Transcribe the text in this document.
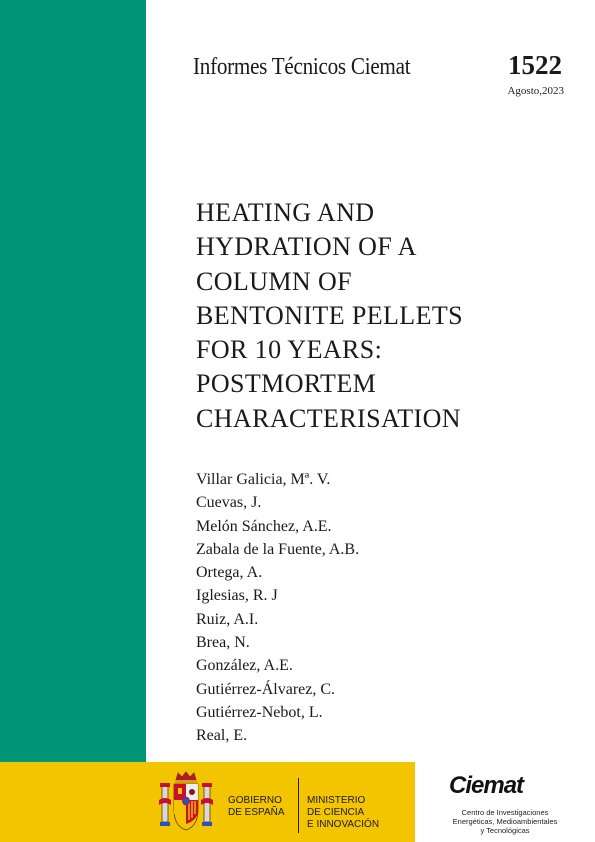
Informes Técnicos Ciemat	1522
Agosto,2023
HEATING AND
HYDRATION OF A
COLUMN OF
BENTONITE PELLETS
FOR 10 YEARS:
POSTMORTEM
CHARACTERISATION
Villar Galicia, Mª. V.
Cuevas, J.
Melón Sánchez, A.E.
Zabala de la Fuente, A.B.
Ortega, A.
Iglesias, R. J
Ruiz, A.I.
Brea, N.
González, A.E.
Gutiérrez-Álvarez, C.
Gutiérrez-Nebot, L.
Real, E.
GOBIERNO
DE ESPAÑA
MINISTERIO
DE CIENCIA
E INNOVACIÓN
Ciemat
Centro de Investigaciones
Energéticas, Medioambientales
y Tecnológicas
